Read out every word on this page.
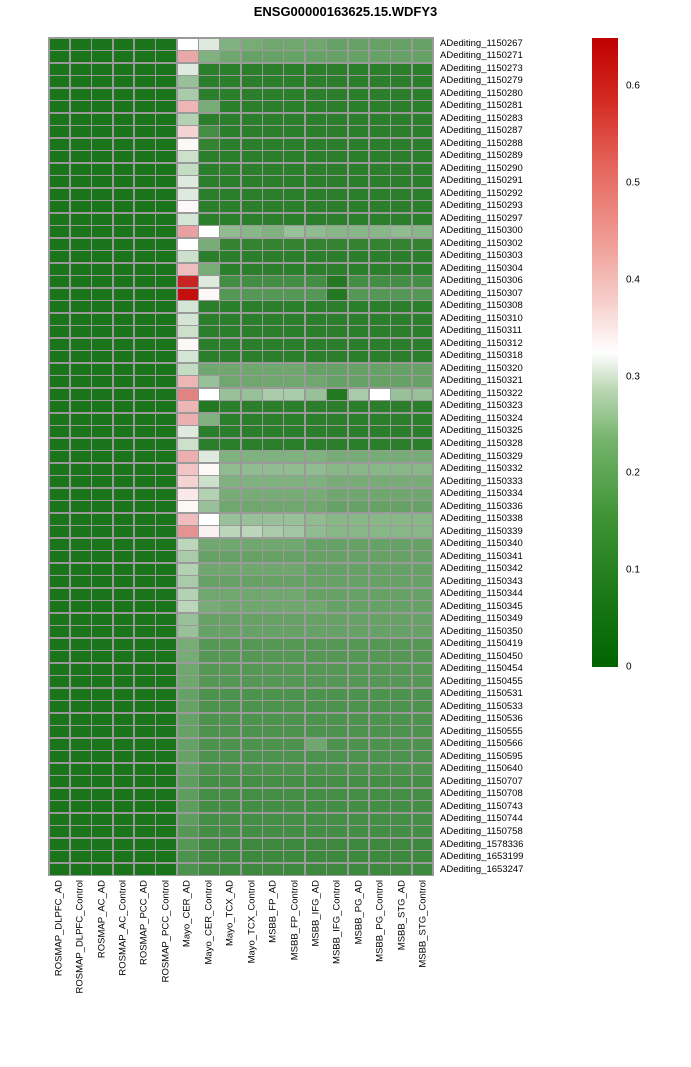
ENSG00000163625.15.WDFY3
ADediting_1150267
ADediting_1150271
ADediting_1150273
ADediting_1150279
ADediting_1150280
ADediting_1150281
ADediting_1150283
ADediting_1150287
ADediting_1150288
ADediting_1150289
ADediting_1150290
ADediting_1150291
ADediting_1150292
ADediting_1150293
ADediting_1150297
ADediting_1150300
ADediting_1150302
ADediting_1150303
ADediting_1150304
ADediting_1150306
ADediting_1150307
ADediting_1150308
ADediting_1150310
ADediting_1150311
ADediting_1150312
ADediting_1150318
ADediting_1150320
ADediting_1150321
ADediting_1150322
ADediting_1150323
ADediting_1150324
ADediting_1150325
ADediting_1150328
ADediting_1150329
ADediting_1150332
ADediting_1150333
ADediting_1150334
ADediting_1150336
ADediting_1150338
ADediting_1150339
ADediting_1150340
ADediting_1150341
ADediting_1150342
ADediting_1150343
ADediting_1150344
ADediting_1150345
ADediting_1150349
ADediting_1150350
ADediting_1150419
ADediting_1150450
ADediting_1150454
ADediting_1150455
ADediting_1150531
ADediting_1150533
ADediting_1150536
ADediting_1150555
ADediting_1150566
ADediting_1150595
ADediting_1150640
ADediting_1150707
ADediting_1150708
ADediting_1150743
ADediting_1150744
ADediting_1150758
ADediting_1578336
ADediting_1653199
ADediting_1653247
ROSMAP_DLPFC_AD ROSMAP_DLPFC_Control ROSMAP_AC_AD ROSMAP_AC_Control ROSMAP_PCC_AD ROSMAP_PCC_Control Mayo_CER_AD Mayo_CER_Control Mayo_TCX_AD Mayo_TCX_Control MSBB_FP_AD MSBB_FP_Control MSBB_IFG_AD MSBB_IFG_Control MSBB_PG_AD MSBB_PG_Control MSBB_STG_AD MSBB_STG_Control
0
0.1
0.2
0.3
0.4
0.5
0.6
